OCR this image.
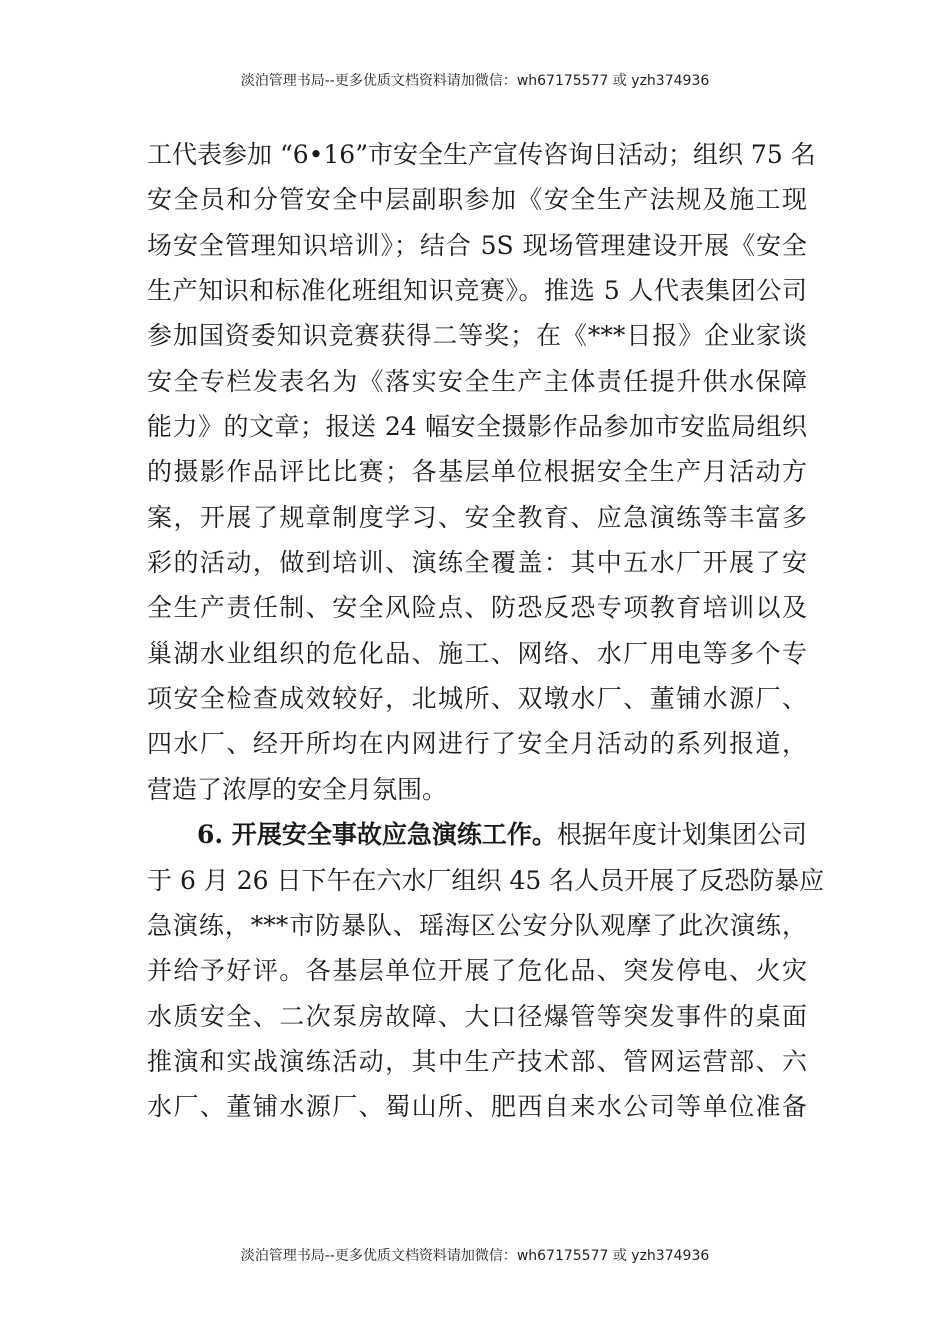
淡泊管理书局--更多优质文档资料请加微信：wh67175577 或 yzh374936
工代表参加 “6•16”市安全生产宣传咨询日活动；组织 75 名
安全员和分管安全中层副职参加《安全生产法规及施工现
场安全管理知识培训》；结合 5S 现场管理建设开展《安全
生产知识和标准化班组知识竞赛》。推选 5 人代表集团公司
参加国资委知识竞赛获得二等奖；在《***日报》企业家谈
安全专栏发表名为《落实安全生产主体责任提升供水保障
能力》的文章；报送 24 幅安全摄影作品参加市安监局组织
的摄影作品评比比赛；各基层单位根据安全生产月活动方
案，开展了规章制度学习、安全教育、应急演练等丰富多
彩的活动，做到培训、演练全覆盖：其中五水厂开展了安
全生产责任制、安全风险点、防恐反恐专项教育培训以及
巢湖水业组织的危化品、施工、网络、水厂用电等多个专
项安全检查成效较好，北城所、双墩水厂、董铺水源厂、
四水厂、经开所均在内网进行了安全月活动的系列报道，
营造了浓厚的安全月氛围。
6. 开展安全事故应急演练工作。根据年度计划集团公司
于 6 月 26 日下午在六水厂组织 45 名人员开展了反恐防暴应
急演练，***市防暴队、瑶海区公安分队观摩了此次演练，
并给予好评。各基层单位开展了危化品、突发停电、火灾
水质安全、二次泵房故障、大口径爆管等突发事件的桌面
推演和实战演练活动，其中生产技术部、管网运营部、六
水厂、董铺水源厂、蜀山所、肥西自来水公司等单位准备
淡泊管理书局--更多优质文档资料请加微信：wh67175577 或 yzh374936
